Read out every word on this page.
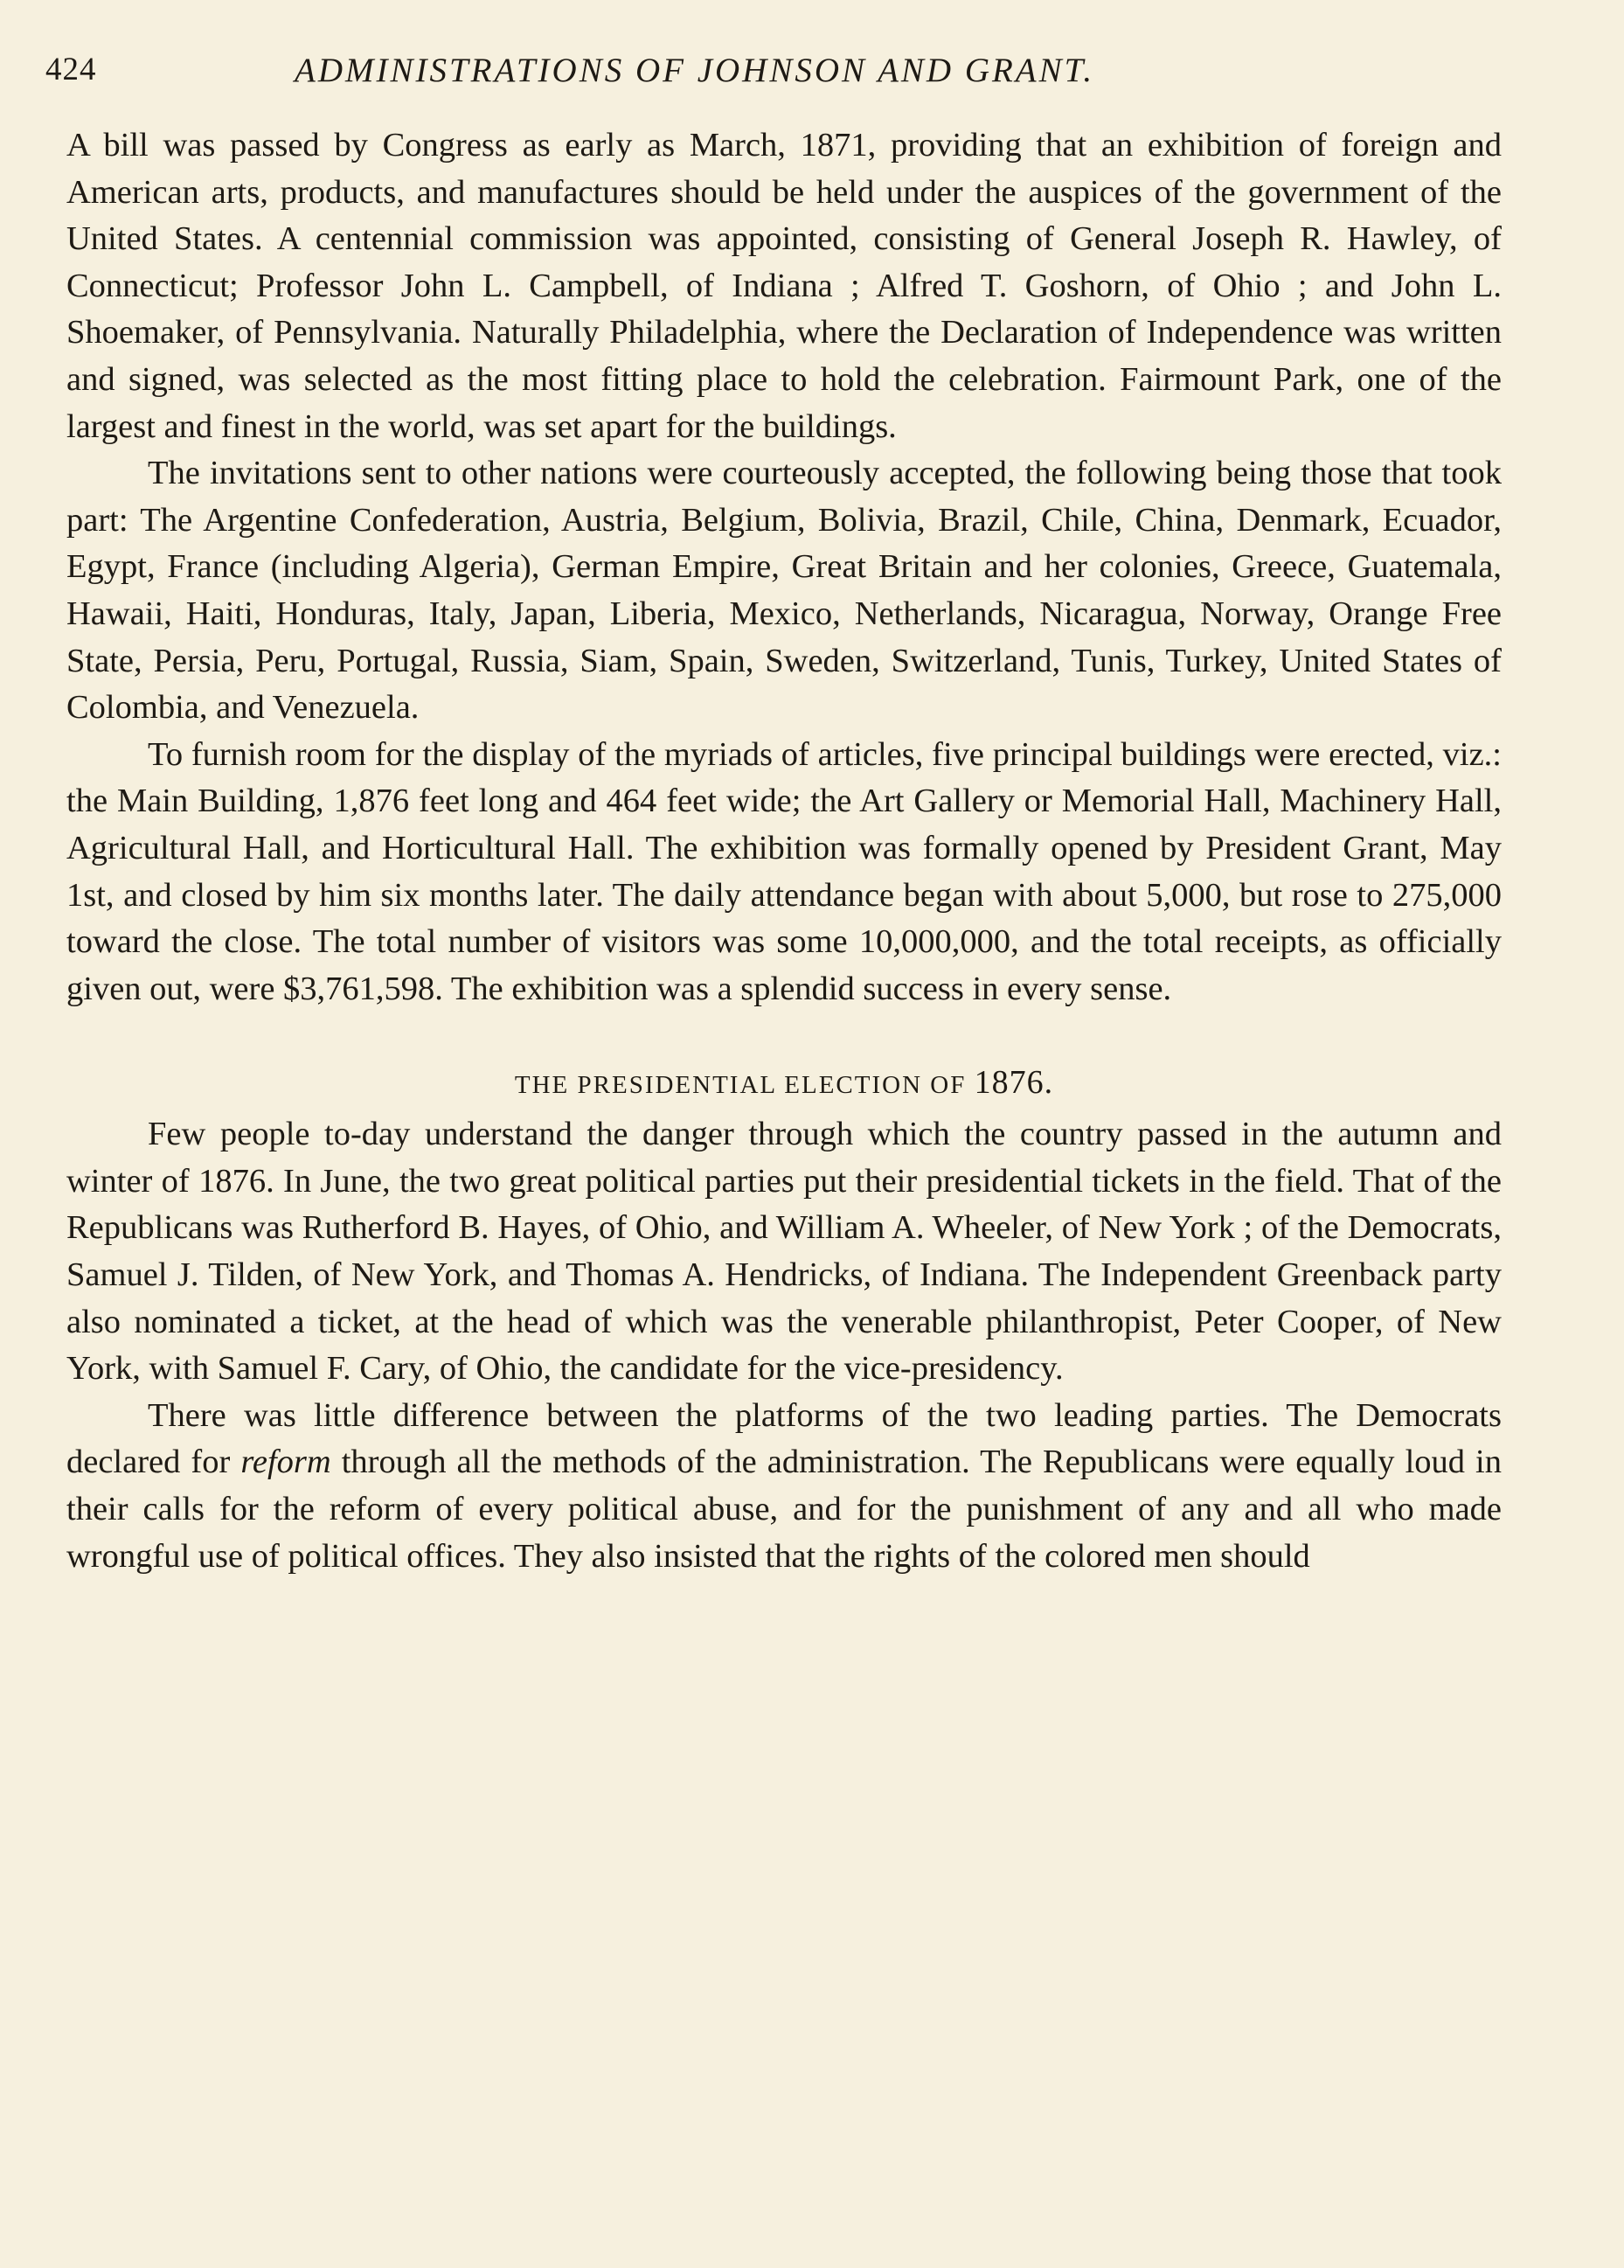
424	ADMINISTRATIONS OF JOHNSON AND GRANT.

A bill was passed by Congress as early as March, 1871, providing that an exhibition of foreign and American arts, products, and manufactures should be held under the auspices of the government of the United States. A centennial commission was appointed, consisting of General Joseph R. Hawley, of Connecticut; Professor John L. Campbell, of Indiana ; Alfred T. Goshorn, of Ohio ; and John L. Shoemaker, of Pennsylvania. Naturally Philadelphia, where the Declaration of Independence was written and signed, was selected as the most fitting place to hold the celebration. Fairmount Park, one of the largest and finest in the world, was set apart for the buildings.

The invitations sent to other nations were courteously accepted, the following being those that took part: The Argentine Confederation, Austria, Belgium, Bolivia, Brazil, Chile, China, Denmark, Ecuador, Egypt, France (including Algeria), German Empire, Great Britain and her colonies, Greece, Guatemala, Hawaii, Haiti, Honduras, Italy, Japan, Liberia, Mexico, Netherlands, Nicaragua, Norway, Orange Free State, Persia, Peru, Portugal, Russia, Siam, Spain, Sweden, Switzerland, Tunis, Turkey, United States of Colombia, and Venezuela.

To furnish room for the display of the myriads of articles, five principal buildings were erected, viz.: the Main Building, 1,876 feet long and 464 feet wide; the Art Gallery or Memorial Hall, Machinery Hall, Agricultural Hall, and Horticultural Hall. The exhibition was formally opened by President Grant, May 1st, and closed by him six months later. The daily attendance began with about 5,000, but rose to 275,000 toward the close. The total number of visitors was some 10,000,000, and the total receipts, as officially given out, were $3,761,598. The exhibition was a splendid success in every sense.

THE PRESIDENTIAL ELECTION OF 1876.

Few people to-day understand the danger through which the country passed in the autumn and winter of 1876. In June, the two great political parties put their presidential tickets in the field. That of the Republicans was Rutherford B. Hayes, of Ohio, and William A. Wheeler, of New York ; of the Democrats, Samuel J. Tilden, of New York, and Thomas A. Hendricks, of Indiana. The Independent Greenback party also nominated a ticket, at the head of which was the venerable philanthropist, Peter Cooper, of New York, with Samuel F. Cary, of Ohio, the candidate for the vice-presidency.

There was little difference between the platforms of the two leading parties. The Democrats declared for reform through all the methods of the administration. The Republicans were equally loud in their calls for the reform of every political abuse, and for the punishment of any and all who made wrongful use of political offices. They also insisted that the rights of the colored men should
